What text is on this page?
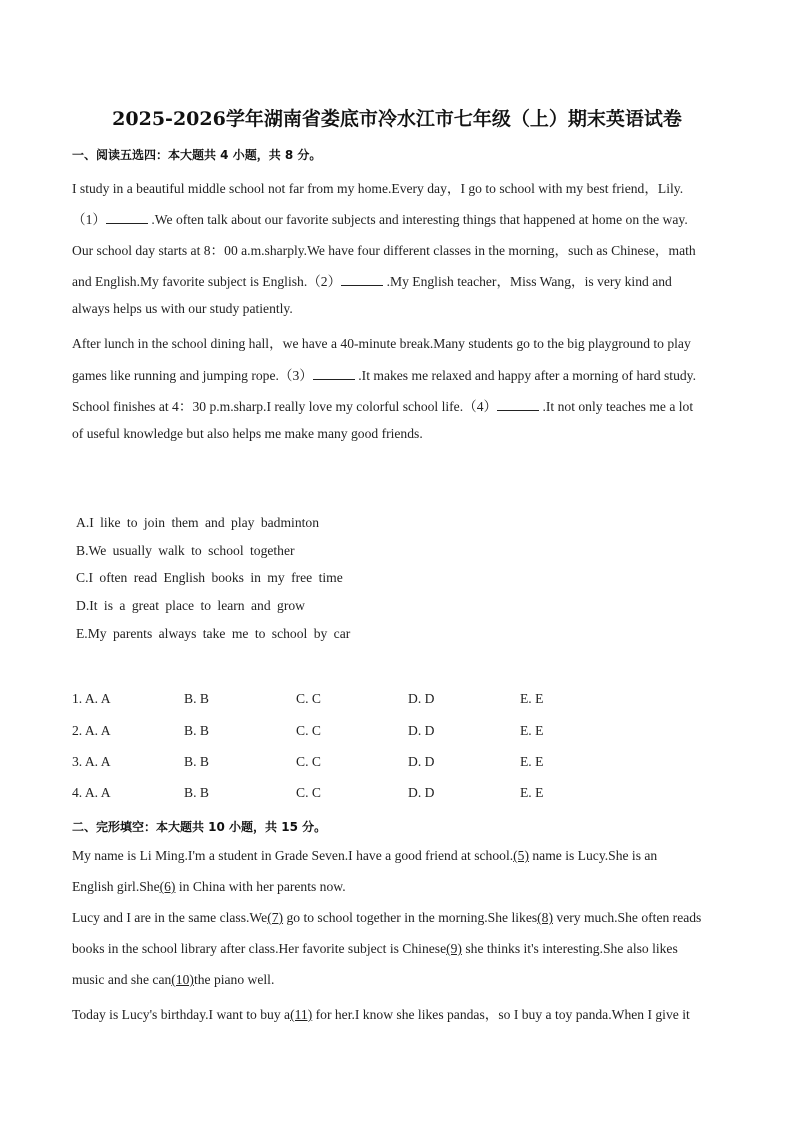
2025-2026学年湖南省娄底市冷水江市七年级（上）期末英语试卷
一、阅读五选四：本大题共 4 小题，共 8 分。
I study in a beautiful middle school not far from my home.Every day，I go to school with my best friend，Lily.
（1）	.We often talk about our favorite subjects and interesting things that happened at home on the way.
Our school day starts at 8：00 a.m.sharply.We have four different classes in the morning，such as Chinese，math
and English.My favorite subject is English.（2）	.My English teacher，Miss Wang，is very kind and
always helps us with our study patiently.
After lunch in the school dining hall，we have a 40-minute break.Many students go to the big playground to play
games like running and jumping rope.（3）	.It makes me relaxed and happy after a morning of hard study.
School finishes at 4：30 p.m.sharp.I really love my colorful school life.（4）	.It not only teaches me a lot
of useful knowledge but also helps me make many good friends.
A.I like to join them and play badminton
B.We usually walk to school together
C.I often read English books in my free time
D.It is a great place to learn and grow
E.My parents always take me to school by car
1. A. A	B. B	C. C	D. D	E. E
2. A. A	B. B	C. C	D. D	E. E
3. A. A	B. B	C. C	D. D	E. E
4. A. A	B. B	C. C	D. D	E. E
二、完形填空：本大题共 10 小题，共 15 分。
My name is Li Ming.I'm a student in Grade Seven.I have a good friend at school.(5) name is Lucy.She is an
English girl.She(6) in China with her parents now.
Lucy and I are in the same class.We(7) go to school together in the morning.She likes(8) very much.She often reads
books in the school library after class.Her favorite subject is Chinese(9) she thinks it's interesting.She also likes
music and she can(10)the piano well.
Today is Lucy's birthday.I want to buy a(11) for her.I know she likes pandas，so I buy a toy panda.When I give it
